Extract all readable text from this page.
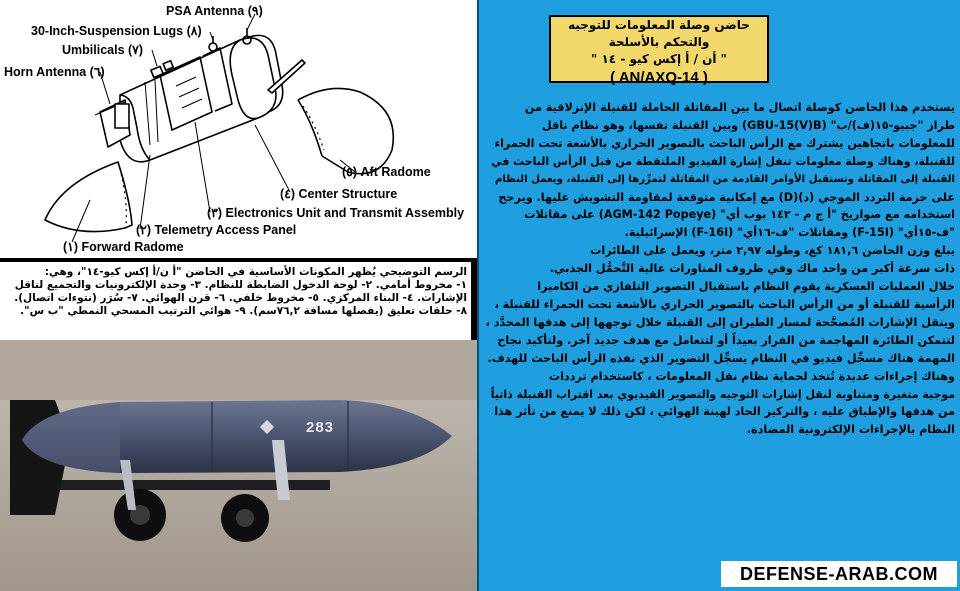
PSA Antenna (٩)
30-Inch-Suspension Lugs (٨)
Umbilicals (٧)
Horn Antenna (٦)
(٥) Aft Radome
(٤) Center Structure
(٣) Electronics Unit and Transmit Assembly
(٢) Telemetry Access Panel
(١) Forward Radome
الرسم التوضيحي يُظهر المكونات الأساسية في الحاضن "أ ن/أ إكس كيو-١٤"، وهي:
١- مخروط أمامي. ٢- لوحة الدخول الضابطة للنظام. ٣- وحدة الإلكترونيات والتجميع لناقل
الإشارات. ٤- البناء المركزي. ٥- مخروط خلفي. ٦- قرن الهوائي. ٧- سُرَر (نتوءات اتصال).
٨- حلقات تعليق (يفصلها مسافة ٧٦,٢سم). ٩- هوائي الترتيب المسحي النمطي "ب س".
283
حاضن وصلة المعلومات للتوجيه والتحكم بالأسلحة
" أن / أ إكس كيو - ١٤ "
( AN/AXQ-14 )
يستخدم هذا الحاضن كوصلة اتصال ما بين المقاتلة الحاملة للقنبلة الإنزلاقية من
طراز "جبيو-١٥(ف)/ب" (GBU-15(V)B) وبين القنبلة نفسها، وهو نظام ناقل
للمعلومات باتجاهين يشترك مع الرأس الباحث بالتصوير الحراري بالأشعة تحت الحمراء
للقنبلة، وهناك وصلة معلومات تنقل إشارة الفيديو الملتقطة من قبل الرأس الباحث في
القنبلة إلى المقاتلة وتستقبل الأوامر القادمة من المقاتلة لتمرِّرها إلى القنبلة، ويعمل النظام
على حزمة التردد الموجي (د)(D) مع إمكانية متوقعة لمقاومة التشويش عليها. ويرجح
استخدامه مع صواريخ "أ ج م - ١٤٢ بوب أي" (AGM-142 Popeye) على مقاتلات
"ف-١٥أي" (F-15I) ومقاتلات "ف-١٦أي" (F-16I) الإسرائيلية.
يبلغ وزن الحاضن ١٨١,٦ كغ، وطوله ٢,٩٧ متر، ويعمل على الطائرات
ذات سرعة أكبر من واحد ماك وفي ظروف المناورات عالية التَّحمُّل الجذبي.
خلال العمليات العسكرية يقوم النظام باستقبال التصوير التلفازي من الكاميرا
الرأسية للقنبلة أو من الرأس الباحث بالتصوير الحراري بالأشعة تحت الحمراء للقنبلة ،
وينقل الإشارات المُصحَّحة لمسار الطيران إلى القنبلة خلال توجهها إلى هدفها المحدَّد ،
لتتمكن الطائرة المهاجمة من الفرار بعيداً أو لتتعامل مع هدف جديد آخر. ولتأكيد نجاح
المهمة هناك مسجِّل فيديو في النظام يسجِّل التصوير الذي نفذه الرأس الباحث للهدف.
وهناك إجراءات عديدة تُتخذ لحماية نظام نقل المعلومات ، كاستخدام ترددات
موجية متغيرة ومتناوبة لنقل إشارات التوجيه والتصوير الفيديوي بعد اقتراب القنبلة ذاتياً
من هدفها والإطباق عليه ، والتركيز الحاد لهبنة الهوائي ، لكن ذلك لا يمنع من تأثر هذا
النظام بالإجراءات الإلكترونية المضادة.
DEFENSE-ARAB.COM
